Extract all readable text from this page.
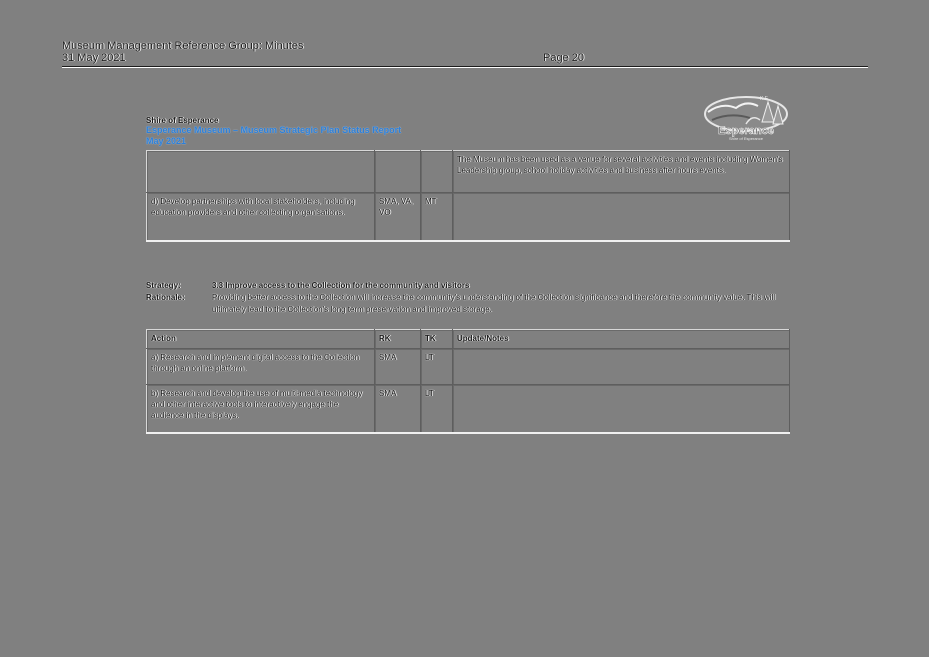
Museum Management Reference Group: Minutes
31 May 2021	Page 20
Shire of Esperance
Esperance Museum – Museum Strategic Plan Status Report
May 2021
K.F.
Esperance
Shire of Esperance
			The Museum has been used as a venue for several activities and events including Women's Leadership group, school holiday activities and business after hours events.
d) Develop partnerships with local stakeholders, including education providers and other collecting organisations.	SMA, VA, VO	MT	
Strategy:	3.3 Improve access to the Collection for the community and visitors
Rationale:	Providing better access to the Collection will increase the community's understanding of the Collection significance and therefore the community value. This will ultimately lead to the Collection's long term preservation and improved storage.
Action	RK	TK	Update/Notes
a) Research and implement digital access to the Collection through an online platform.	SMA	LT	
b) Research and develop the use of multi-media technology and other interactive tools to interactively engage the audience in the displays.	SMA	LT	
